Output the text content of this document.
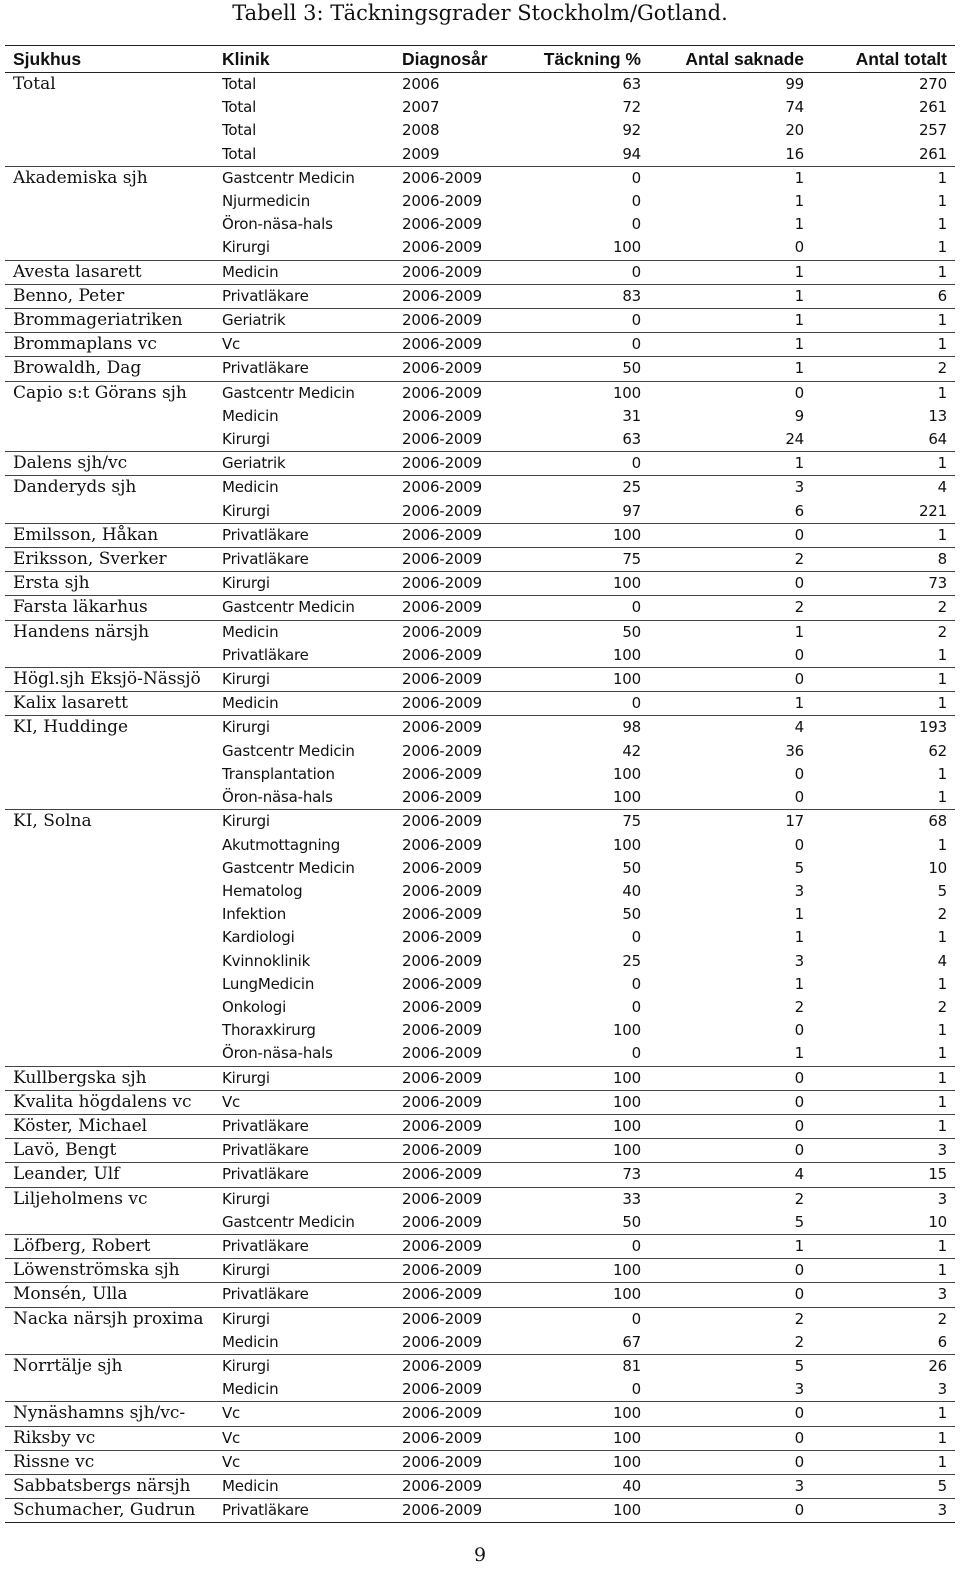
Tabell 3: Täckningsgrader Stockholm/Gotland.
Sjukhus	Klinik	Diagnosår	Täckning %	Antal saknade	Antal totalt
Total	Total	2006	63	99	270
	Total	2007	72	74	261
	Total	2008	92	20	257
	Total	2009	94	16	261
Akademiska sjh	Gastcentr Medicin	2006-2009	0	1	1
	Njurmedicin	2006-2009	0	1	1
	Öron-näsa-hals	2006-2009	0	1	1
	Kirurgi	2006-2009	100	0	1
Avesta lasarett	Medicin	2006-2009	0	1	1
Benno, Peter	Privatläkare	2006-2009	83	1	6
Brommageriatriken	Geriatrik	2006-2009	0	1	1
Brommaplans vc	Vc	2006-2009	0	1	1
Browaldh, Dag	Privatläkare	2006-2009	50	1	2
Capio s:t Görans sjh	Gastcentr Medicin	2006-2009	100	0	1
	Medicin	2006-2009	31	9	13
	Kirurgi	2006-2009	63	24	64
Dalens sjh/vc	Geriatrik	2006-2009	0	1	1
Danderyds sjh	Medicin	2006-2009	25	3	4
	Kirurgi	2006-2009	97	6	221
Emilsson, Håkan	Privatläkare	2006-2009	100	0	1
Eriksson, Sverker	Privatläkare	2006-2009	75	2	8
Ersta sjh	Kirurgi	2006-2009	100	0	73
Farsta läkarhus	Gastcentr Medicin	2006-2009	0	2	2
Handens närsjh	Medicin	2006-2009	50	1	2
	Privatläkare	2006-2009	100	0	1
Högl.sjh Eksjö-Nässjö	Kirurgi	2006-2009	100	0	1
Kalix lasarett	Medicin	2006-2009	0	1	1
KI, Huddinge	Kirurgi	2006-2009	98	4	193
	Gastcentr Medicin	2006-2009	42	36	62
	Transplantation	2006-2009	100	0	1
	Öron-näsa-hals	2006-2009	100	0	1
KI, Solna	Kirurgi	2006-2009	75	17	68
	Akutmottagning	2006-2009	100	0	1
	Gastcentr Medicin	2006-2009	50	5	10
	Hematolog	2006-2009	40	3	5
	Infektion	2006-2009	50	1	2
	Kardiologi	2006-2009	0	1	1
	Kvinnoklinik	2006-2009	25	3	4
	LungMedicin	2006-2009	0	1	1
	Onkologi	2006-2009	0	2	2
	Thoraxkirurg	2006-2009	100	0	1
	Öron-näsa-hals	2006-2009	0	1	1
Kullbergska sjh	Kirurgi	2006-2009	100	0	1
Kvalita högdalens vc	Vc	2006-2009	100	0	1
Köster, Michael	Privatläkare	2006-2009	100	0	1
Lavö, Bengt	Privatläkare	2006-2009	100	0	3
Leander, Ulf	Privatläkare	2006-2009	73	4	15
Liljeholmens vc	Kirurgi	2006-2009	33	2	3
	Gastcentr Medicin	2006-2009	50	5	10
Löfberg, Robert	Privatläkare	2006-2009	0	1	1
Löwenströmska sjh	Kirurgi	2006-2009	100	0	1
Monsén, Ulla	Privatläkare	2006-2009	100	0	3
Nacka närsjh proxima	Kirurgi	2006-2009	0	2	2
	Medicin	2006-2009	67	2	6
Norrtälje sjh	Kirurgi	2006-2009	81	5	26
	Medicin	2006-2009	0	3	3
Nynäshamns sjh/vc-	Vc	2006-2009	100	0	1
Riksby vc	Vc	2006-2009	100	0	1
Rissne vc	Vc	2006-2009	100	0	1
Sabbatsbergs närsjh	Medicin	2006-2009	40	3	5
Schumacher, Gudrun	Privatläkare	2006-2009	100	0	3
9
